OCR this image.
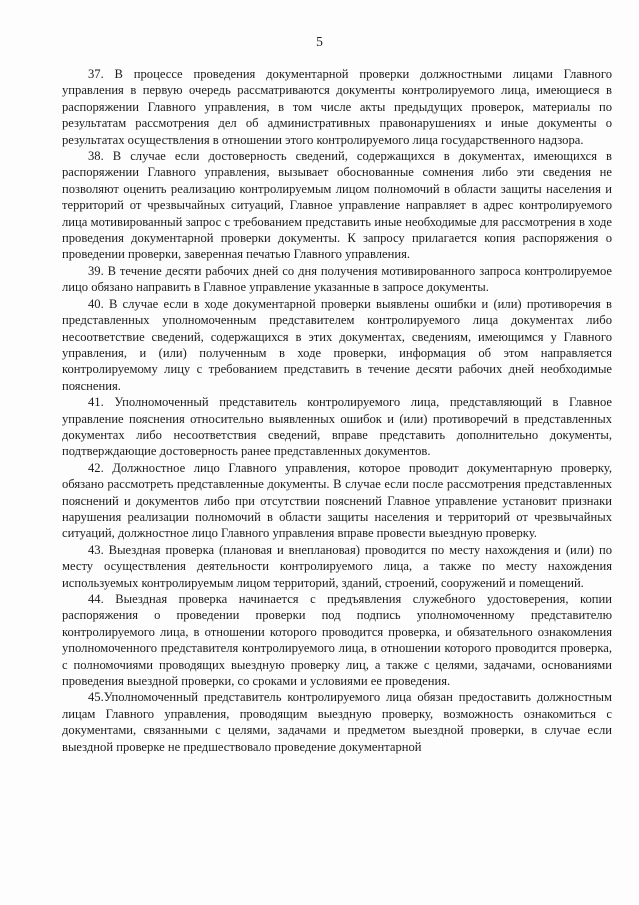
5

37. В процессе проведения документарной проверки должностными лицами Главного управления в первую очередь рассматриваются документы контролируемого лица, имеющиеся в распоряжении Главного управления, в том числе акты предыдущих проверок, материалы по результатам рассмотрения дел об административных правонарушениях и иные документы о результатах осуществления в отношении этого контролируемого лица государственного надзора.

38. В случае если достоверность сведений, содержащихся в документах, имеющихся в распоряжении Главного управления, вызывает обоснованные сомнения либо эти сведения не позволяют оценить реализацию контролируемым лицом полномочий в области защиты населения и территорий от чрезвычайных ситуаций, Главное управление направляет в адрес контролируемого лица мотивированный запрос с требованием представить иные необходимые для рассмотрения в ходе проведения документарной проверки документы. К запросу прилагается копия распоряжения о проведении проверки, заверенная печатью Главного управления.

39. В течение десяти рабочих дней со дня получения мотивированного запроса контролируемое лицо обязано направить в Главное управление указанные в запросе документы.

40. В случае если в ходе документарной проверки выявлены ошибки и (или) противоречия в представленных уполномоченным представителем контролируемого лица документах либо несоответствие сведений, содержащихся в этих документах, сведениям, имеющимся у Главного управления, и (или) полученным в ходе проверки, информация об этом направляется контролируемому лицу с требованием представить в течение десяти рабочих дней необходимые пояснения.

41. Уполномоченный представитель контролируемого лица, представляющий в Главное управление пояснения относительно выявленных ошибок и (или) противоречий в представленных документах либо несоответствия сведений, вправе представить дополнительно документы, подтверждающие достоверность ранее представленных документов.

42. Должностное лицо Главного управления, которое проводит документарную проверку, обязано рассмотреть представленные документы. В случае если после рассмотрения представленных пояснений и документов либо при отсутствии пояснений Главное управление установит признаки нарушения реализации полномочий в области защиты населения и территорий от чрезвычайных ситуаций, должностное лицо Главного управления вправе провести выездную проверку.

43. Выездная проверка (плановая и внеплановая) проводится по месту нахождения и (или) по месту осуществления деятельности контролируемого лица, а также по месту нахождения используемых контролируемым лицом территорий, зданий, строений, сооружений и помещений.

44. Выездная проверка начинается с предъявления служебного удостоверения, копии распоряжения о проведении проверки под подпись уполномоченному представителю контролируемого лица, в отношении которого проводится проверка, и обязательного ознакомления уполномоченного представителя контролируемого лица, в отношении которого проводится проверка, с полномочиями проводящих выездную проверку лиц, а также с целями, задачами, основаниями проведения выездной проверки, со сроками и условиями ее проведения.

45.Уполномоченный представитель контролируемого лица обязан предоставить должностным лицам Главного управления, проводящим выездную проверку, возможность ознакомиться с документами, связанными с целями, задачами и предметом выездной проверки, в случае если выездной проверке не предшествовало проведение документарной
